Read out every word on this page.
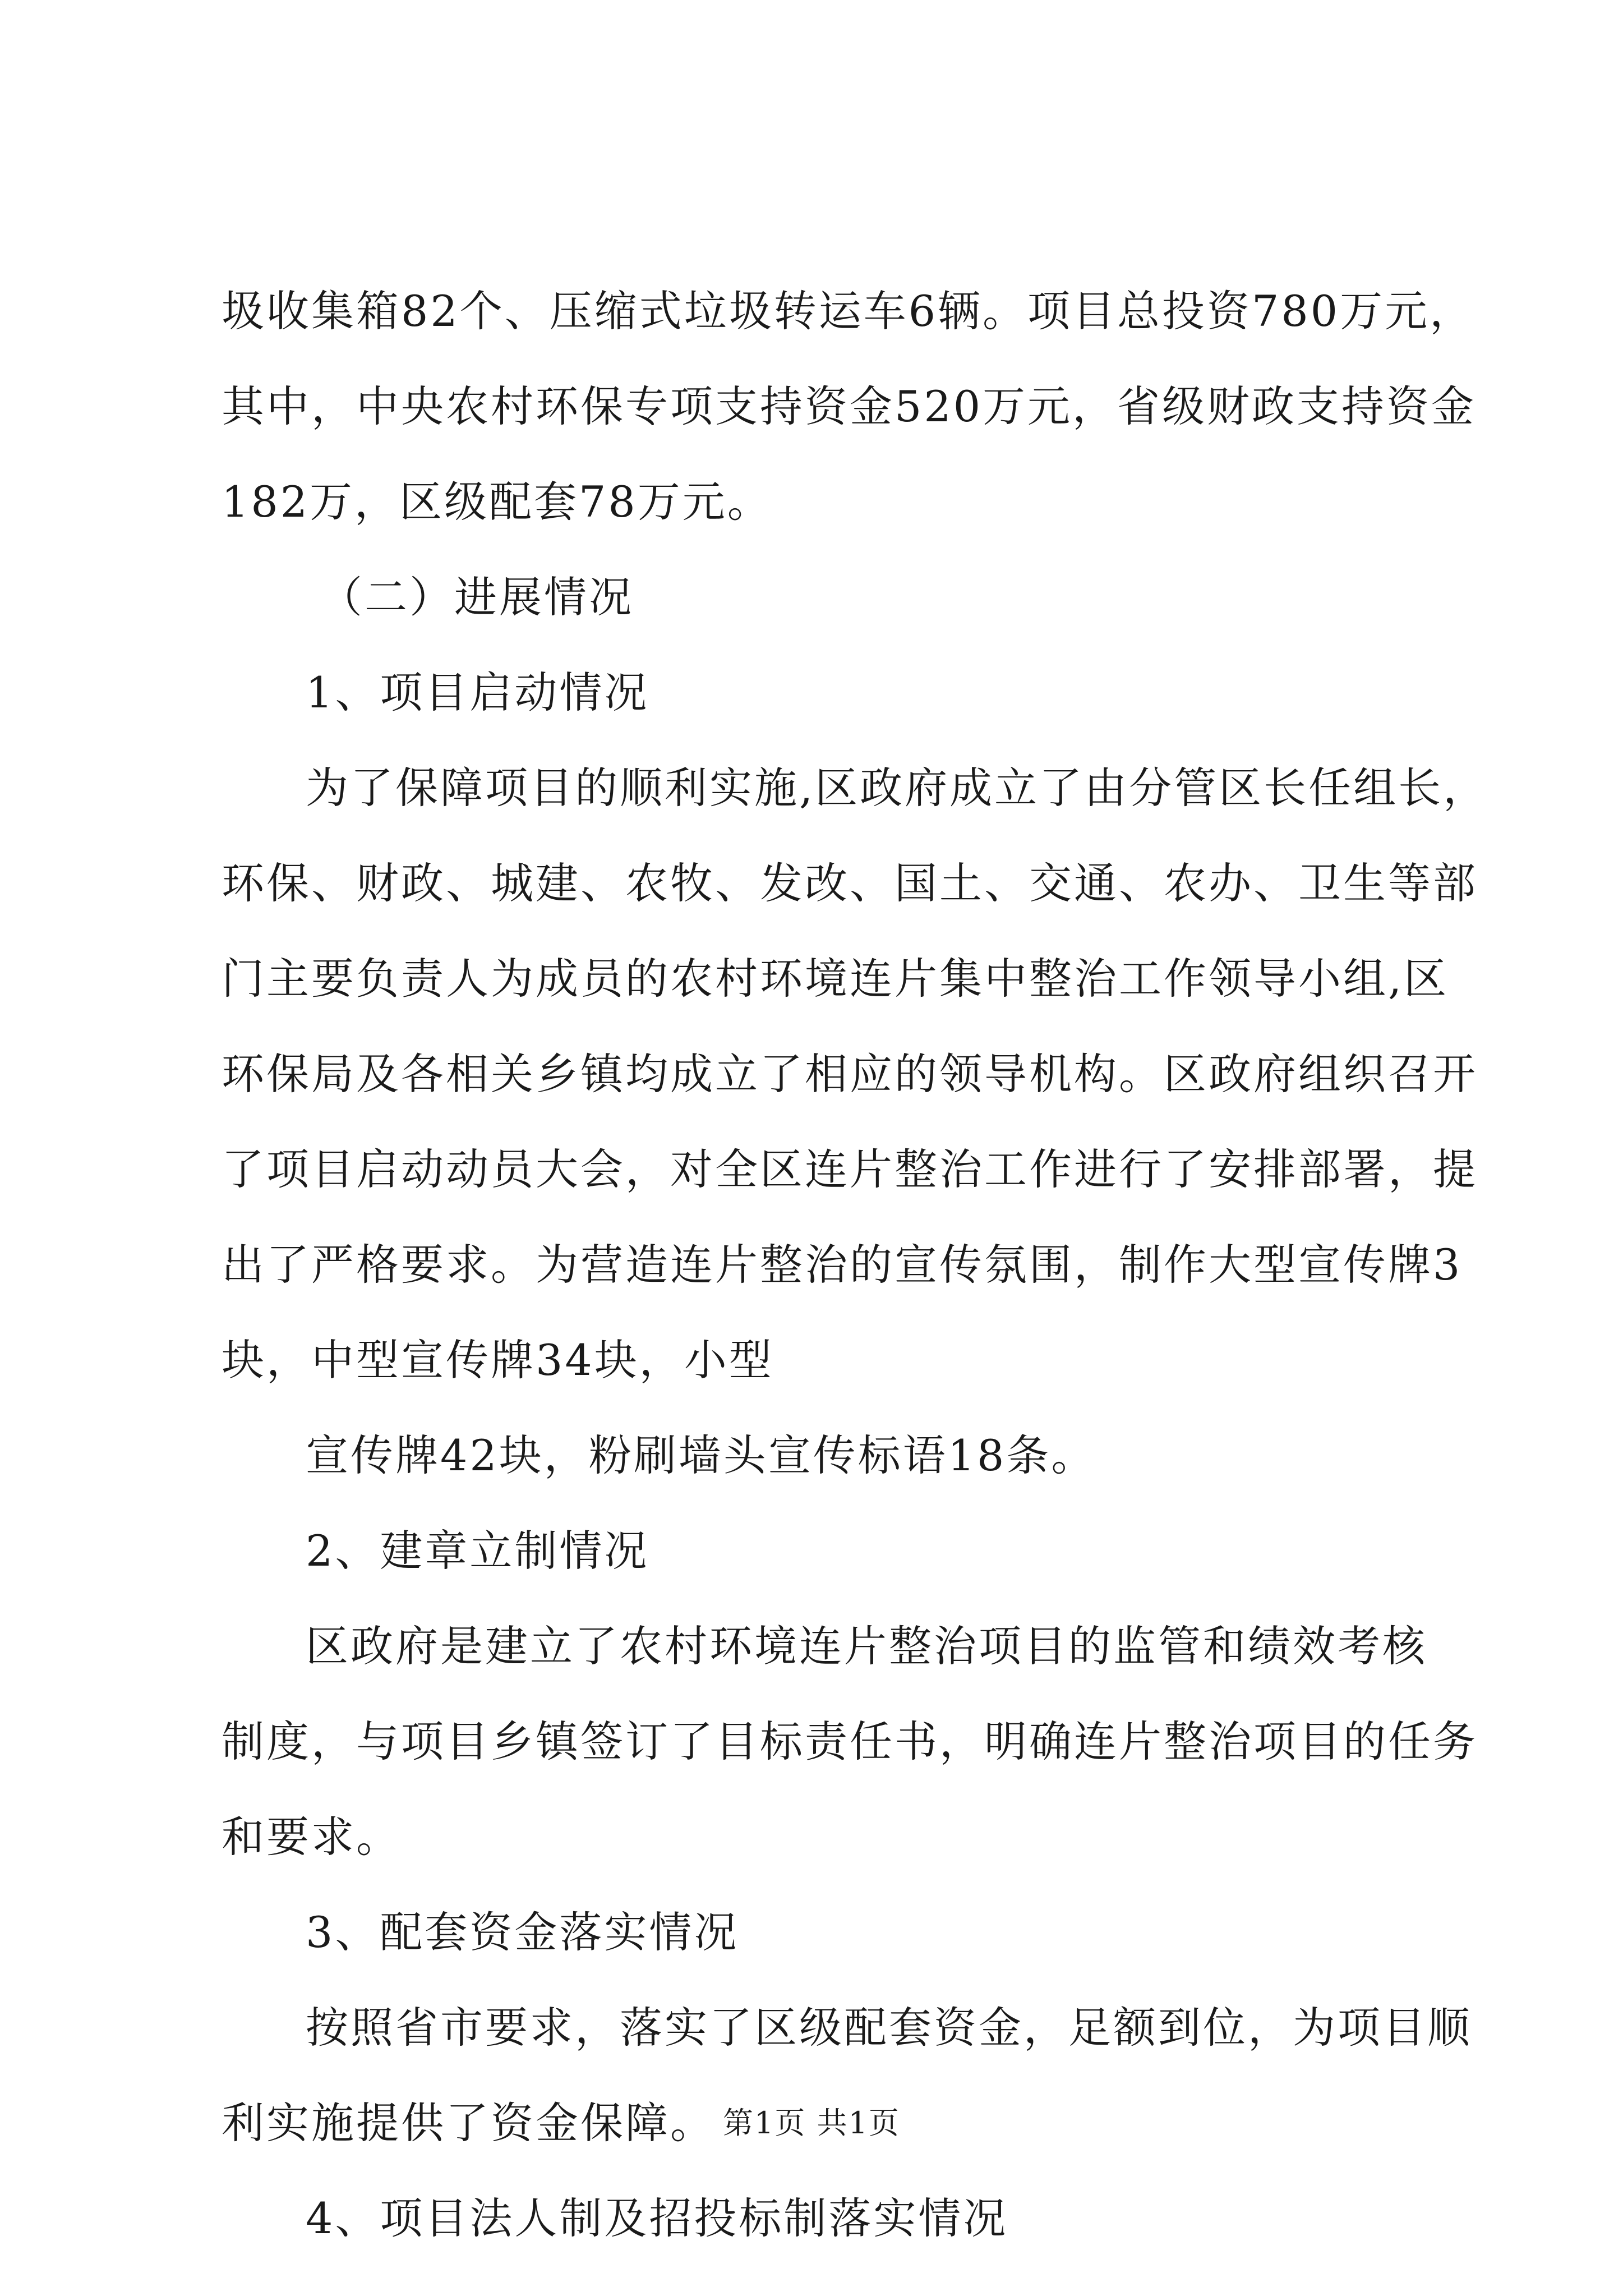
圾收集箱82个、压缩式垃圾转运车6辆。项目总投资780万元，
其中，中央农村环保专项支持资金520万元，省级财政支持资金
182万，区级配套78万元。
（二）进展情况
1、项目启动情况
为了保障项目的顺利实施,区政府成立了由分管区长任组长，
环保、财政、城建、农牧、发改、国土、交通、农办、卫生等部
门主要负责人为成员的农村环境连片集中整治工作领导小组,区
环保局及各相关乡镇均成立了相应的领导机构。区政府组织召开
了项目启动动员大会，对全区连片整治工作进行了安排部署，提
出了严格要求。为营造连片整治的宣传氛围，制作大型宣传牌3
块，中型宣传牌34块，小型
宣传牌42块，粉刷墙头宣传标语18条。
2、建章立制情况
区政府是建立了农村环境连片整治项目的监管和绩效考核
制度，与项目乡镇签订了目标责任书，明确连片整治项目的任务
和要求。
3、配套资金落实情况
按照省市要求，落实了区级配套资金，足额到位，为项目顺
利实施提供了资金保障。
4、项目法人制及招投标制落实情况
第1页 共1页
